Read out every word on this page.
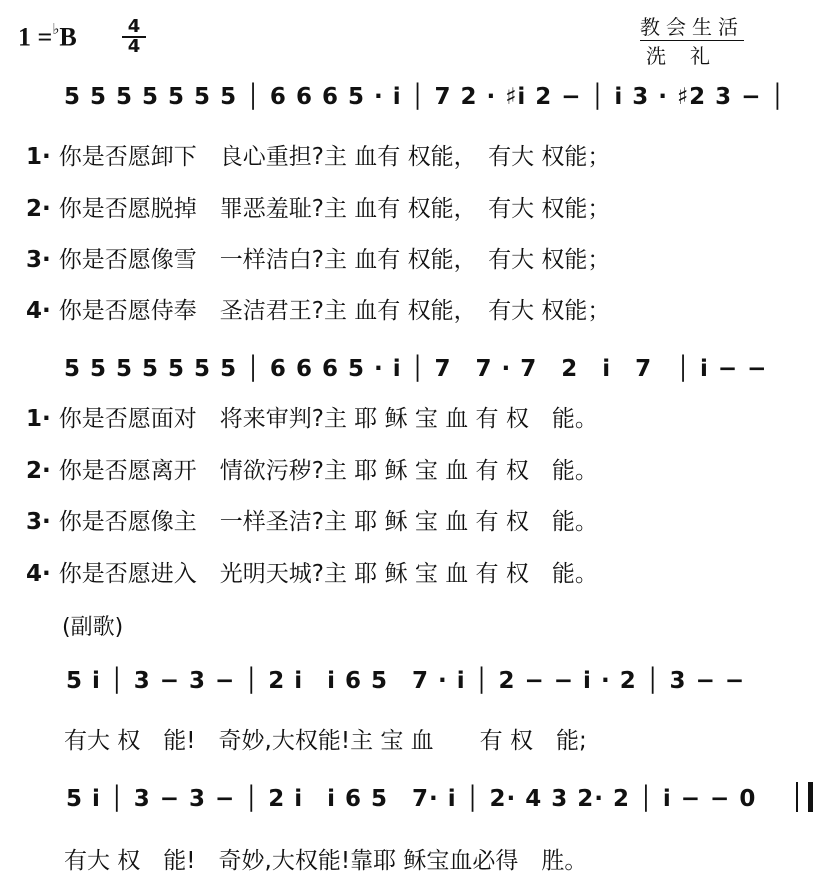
1 =♭B	4
4
教会生活
洗　礼
5 5 5 5 5 5 5 │ 6 6 6 5 · i │ 7 2 · ♯i 2 − │ i 3 · ♯2 3 − │
1· 你是否愿卸下　良心重担?主 血有 权能，　有大 权能；
2· 你是否愿脱掉　罪恶羞耻?主 血有 权能，　有大 权能；
3· 你是否愿像雪　一样洁白?主 血有 权能，　有大 权能；
4· 你是否愿侍奉　圣洁君王?主 血有 权能，　有大 权能；
5 5 5 5 5 5 5 │ 6 6 6 5 · i │ 7　7 · 7　2　i　7　│ i − −
1· 你是否愿面对　将来审判?主 耶 稣 宝 血 有 权　能。
2· 你是否愿离开　情欲污秽?主 耶 稣 宝 血 有 权　能。
3· 你是否愿像主　一样圣洁?主 耶 稣 宝 血 有 权　能。
4· 你是否愿进入　光明天城?主 耶 稣 宝 血 有 权　能。
(副歌)
5 i │ 3 − 3 − │ 2 i　i 6 5　7 · i │ 2 − − i · 2 │ 3 − −
有大 权　能!　奇妙,大权能!主 宝 血　　有 权　能;
5 i │ 3 − 3 − │ 2 i　i 6 5　7· i │ 2· 4 3 2· 2 │ i − − 0
有大 权　能!　奇妙,大权能!靠耶 稣宝血必得　胜。
